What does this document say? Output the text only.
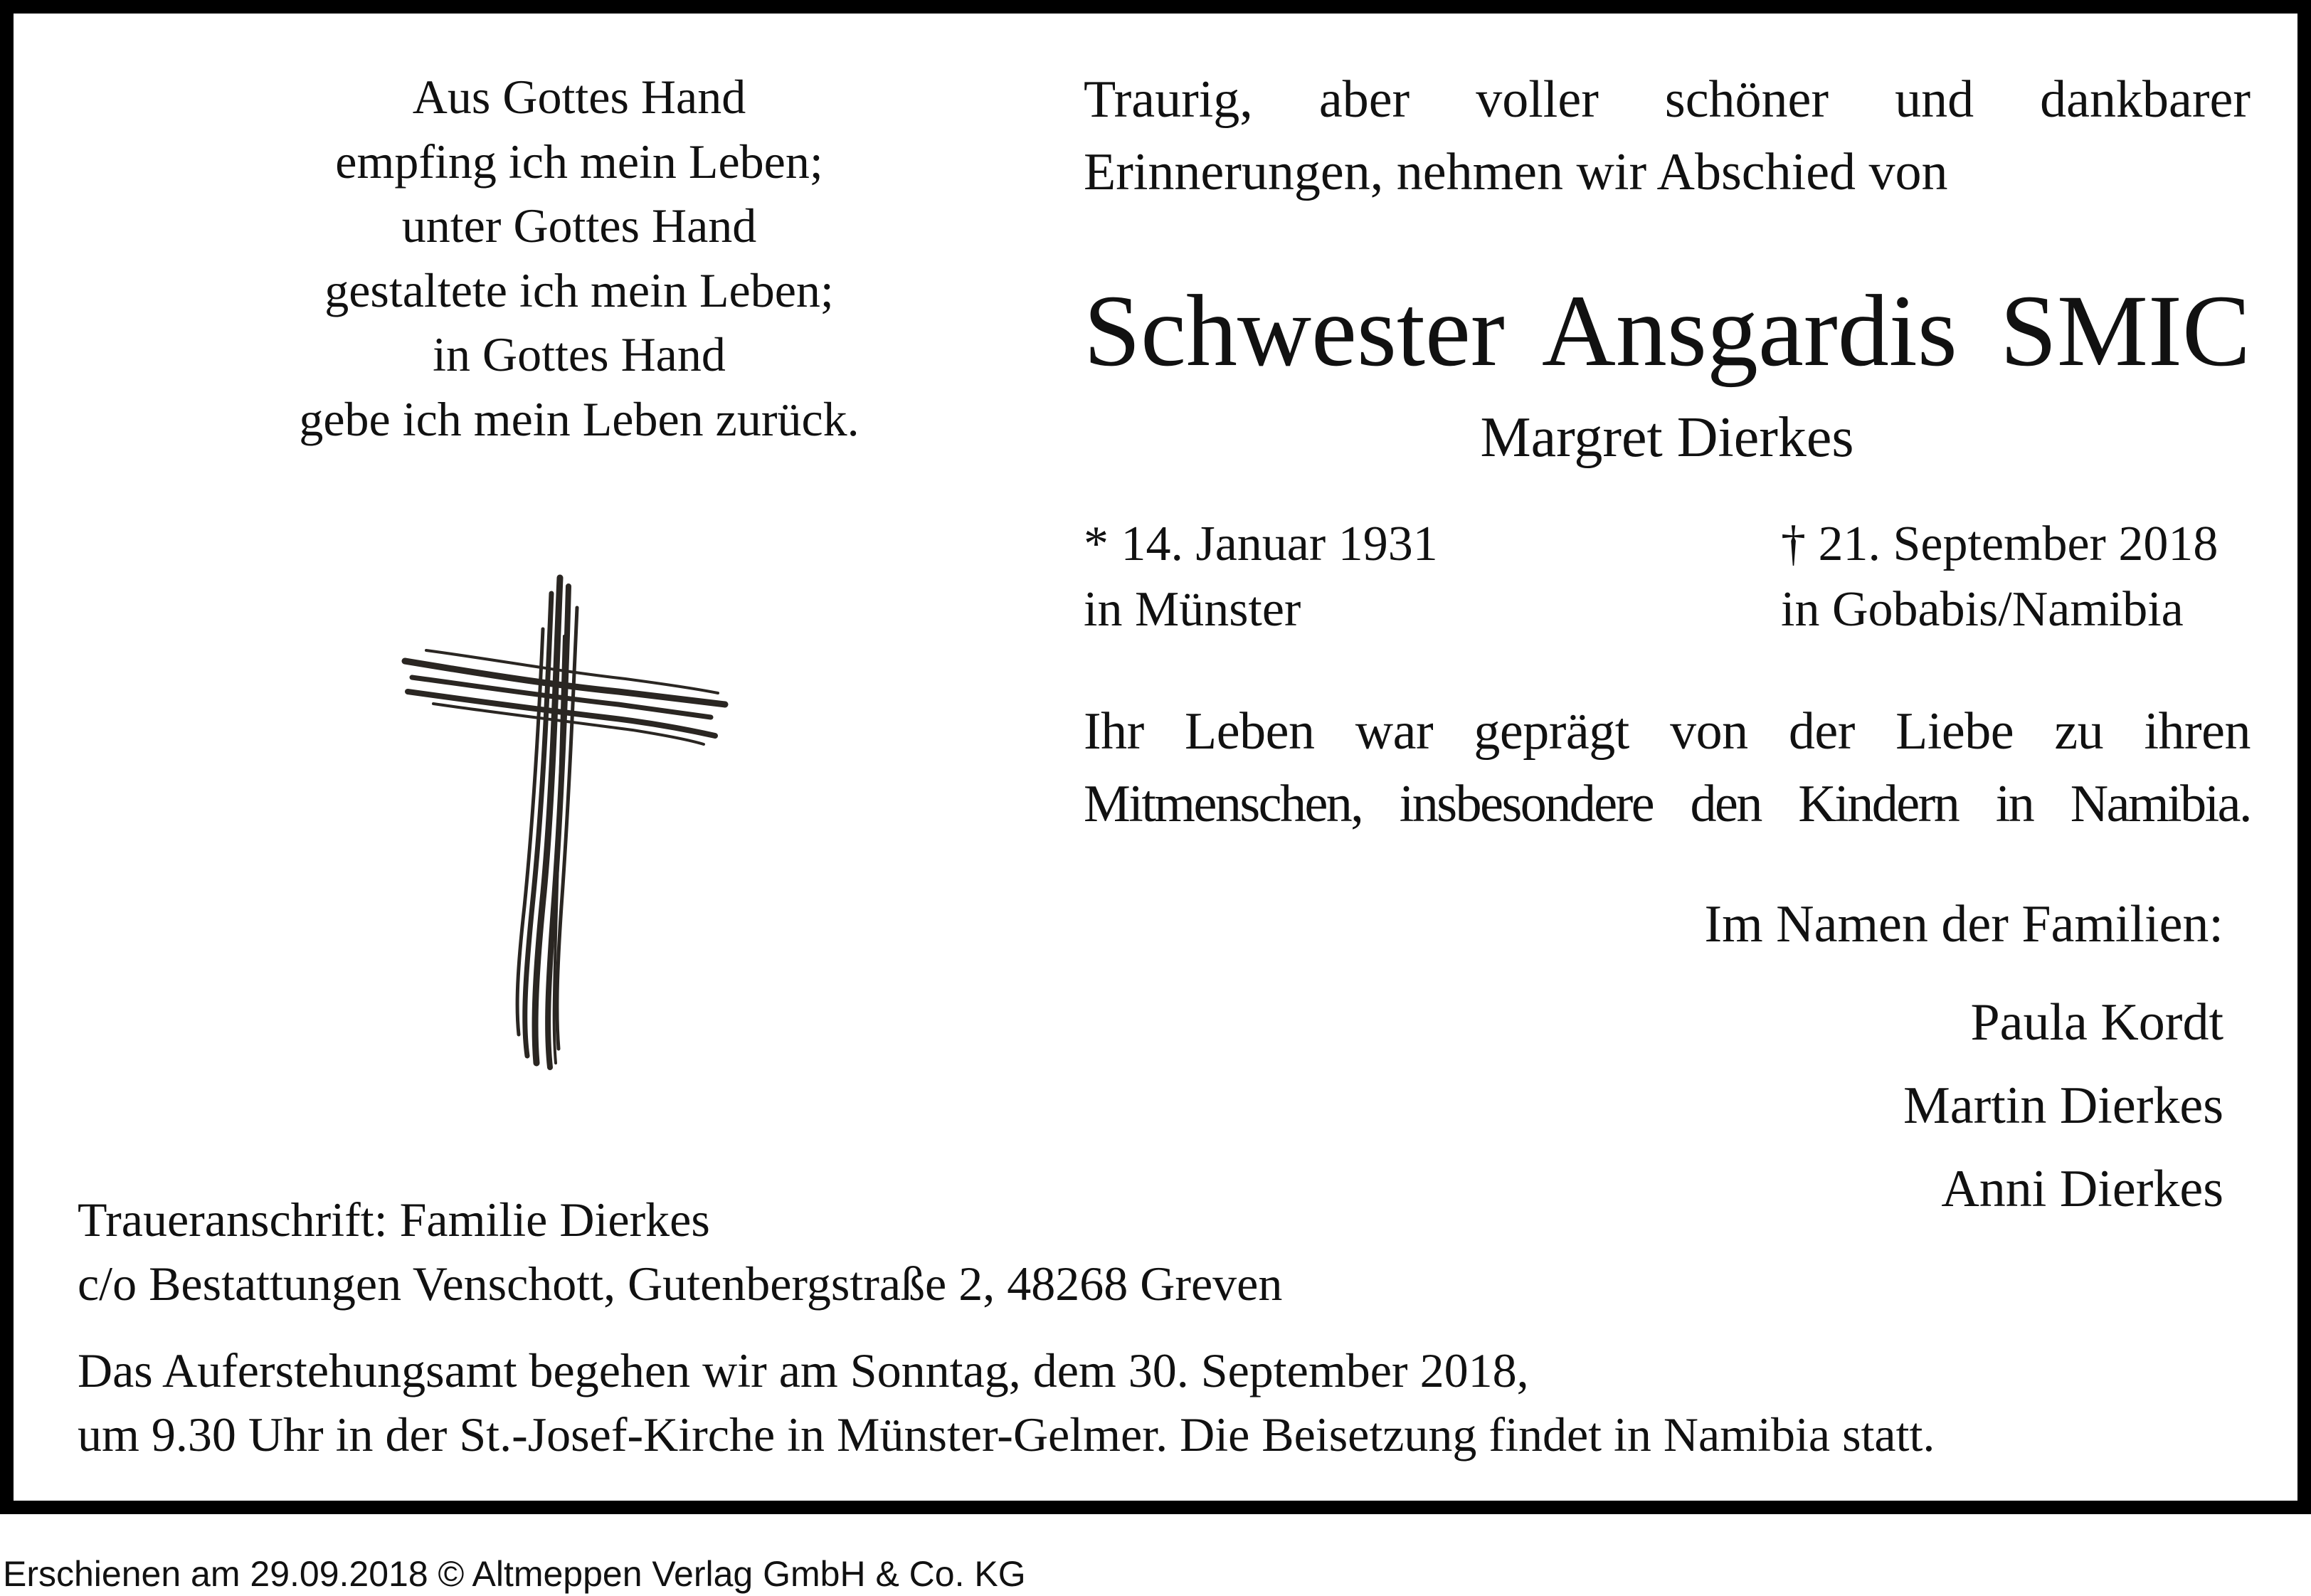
Aus Gottes Hand
empfing ich mein Leben;
unter Gottes Hand
gestaltete ich mein Leben;
in Gottes Hand
gebe ich mein Leben zurück.
Traurig, aber voller schöner und dankbarer
Erinnerungen, nehmen wir Abschied von
Schwester Ansgardis SMIC
Margret Dierkes
* 14. Januar 1931
in Münster
† 21. September 2018
in Gobabis/Namibia
Ihr Leben war geprägt von der Liebe zu ihren
Mitmenschen, insbesondere den Kindern in Namibia.
Im Namen der Familien:
Paula Kordt
Martin Dierkes
Anni Dierkes
Traueranschrift: Familie Dierkes
c/o Bestattungen Venschott, Gutenbergstraße 2, 48268 Greven
Das Auferstehungsamt begehen wir am Sonntag, dem 30. September 2018,
um 9.30 Uhr in der St.-Josef-Kirche in Münster-Gelmer. Die Beisetzung findet in Namibia statt.
Erschienen am 29.09.2018 © Altmeppen Verlag GmbH & Co. KG
